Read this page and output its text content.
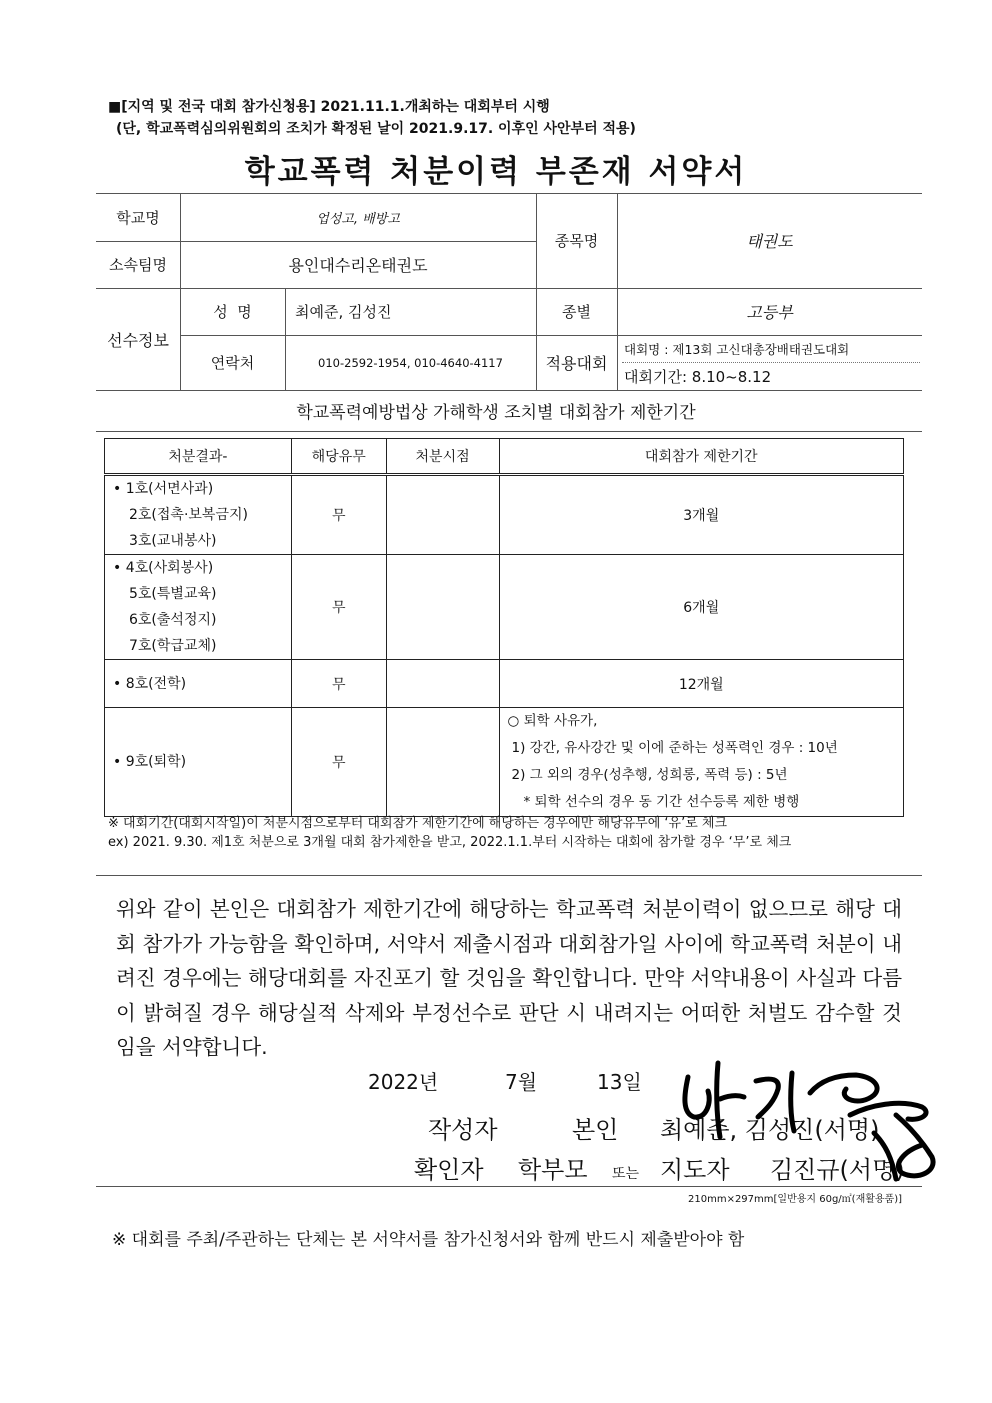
■[지역 및 전국 대회 참가신청용] 2021.11.1.개최하는 대회부터 시행
(단, 학교폭력심의위원회의 조치가 확정된 날이 2021.9.17. 이후인 사안부터 적용)
학교폭력 처분이력 부존재 서약서
학교명	업성고, 배방고
소속팀명	용인대수리온태권도
종목명	태권도
선수정보
성  명	최예준, 김성진	종별	고등부
연락처	010-2592-1954, 010-4640-4117	적용대회
대회명 : 제13회 고신대총장배태권도대회
대회기간: 8.10~8.12
학교폭력예방법상 가해학생 조치별 대회참가 제한기간
처분결과-	해당유무	처분시점	대회참가 제한기간

• 1호(서면사과)
2호(접촉·보복금지)
3호(교내봉사)	무		3개월

• 4호(사회봉사)
5호(특별교육)
6호(출석정지)
7호(학급교체)	무		6개월

• 8호(전학)	무		12개월

• 9호(퇴학)	무		○ 퇴학 사유가,
1) 강간, 유사강간 및 이에 준하는 성폭력인 경우 : 10년
2) 그 외의 경우(성추행, 성희롱, 폭력 등) : 5년
* 퇴학 선수의 경우 동 기간 선수등록 제한 병행
※ 대회기간(대회시작일)이 처분시점으로부터 대회참가 제한기간에 해당하는 경우에만 해당유무에 ‘유’로 체크
ex) 2021. 9.30. 제1호 처분으로 3개월 대회 참가제한을 받고, 2022.1.1.부터 시작하는 대회에 참가할 경우 ‘무’로 체크
위와 같이 본인은 대회참가 제한기간에 해당하는 학교폭력 처분이력이 없으므로 해당 대회 참가가 가능함을 확인하며, 서약서 제출시점과 대회참가일 사이에 학교폭력 처분이 내려진 경우에는 해당대회를 자진포기 할 것임을 확인합니다. 만약 서약내용이 사실과 다름이 밝혀질 경우 해당실적 삭제와 부정선수로 판단 시 내려지는 어떠한 처벌도 감수할 것임을 서약합니다.
2022년	7월	13일
작성자	본인 최예준, 김성진(서명)
확인자 학부모 또는 지도자 김진규(서명)
210mm×297mm[일반용지 60g/㎡(재활용품)]
※ 대회를 주최/주관하는 단체는 본 서약서를 참가신청서와 함께 반드시 제출받아야 함
